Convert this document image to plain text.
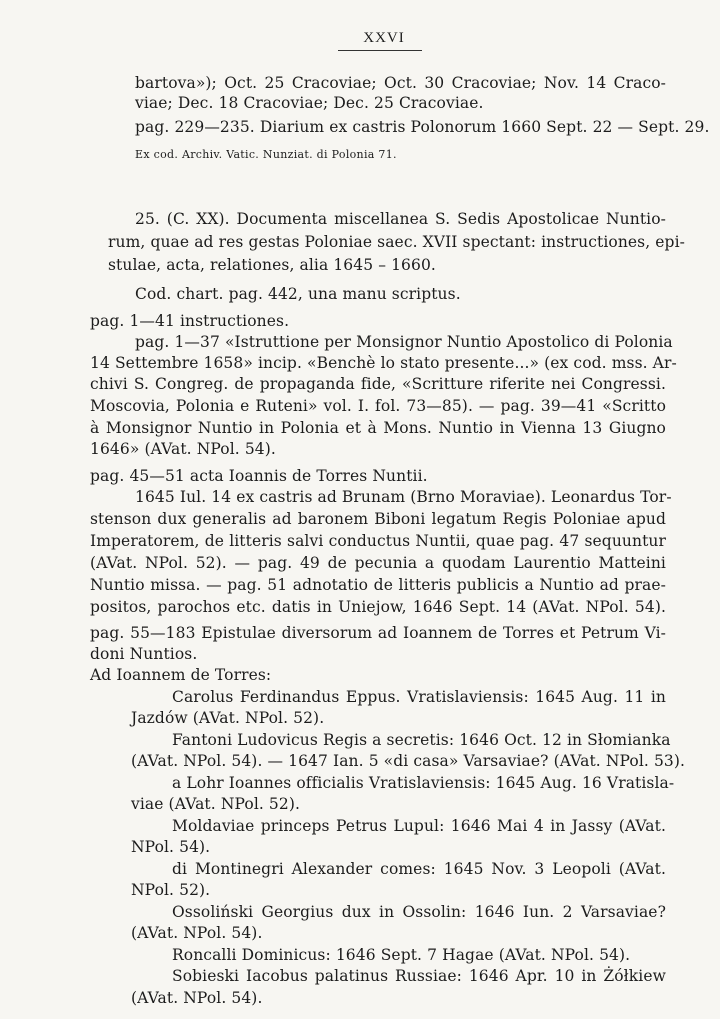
XXVI
bartova»); Oct. 25 Cracoviae; Oct. 30 Cracoviae; Nov. 14 Craco-
viae; Dec. 18 Cracoviae; Dec. 25 Cracoviae.
pag. 229—235. Diarium ex castris Polonorum 1660 Sept. 22 — Sept. 29.
Ex cod. Archiv. Vatic. Nunziat. di Polonia 71.
25. (C. XX). Documenta miscellanea S. Sedis Apostolicae Nuntio-
rum, quae ad res gestas Poloniae saec. XVII spectant: instructiones, epi-
stulae, acta, relationes, alia 1645 – 1660.
Cod. chart. pag. 442, una manu scriptus.
pag. 1—41 instructiones.
pag. 1—37 «Istruttione per Monsignor Nuntio Apostolico di Polonia
14 Settembre 1658» incip. «Benchè lo stato presente...» (ex cod. mss. Ar-
chivi S. Congreg. de propaganda fide, «Scritture riferite nei Congressi.
Moscovia, Polonia e Ruteni» vol. I. fol. 73—85). — pag. 39—41 «Scritto
à Monsignor Nuntio in Polonia et à Mons. Nuntio in Vienna 13 Giugno
1646» (AVat. NPol. 54).
pag. 45—51 acta Ioannis de Torres Nuntii.
1645 Iul. 14 ex castris ad Brunam (Brno Moraviae). Leonardus Tor-
stenson dux generalis ad baronem Biboni legatum Regis Poloniae apud
Imperatorem, de litteris salvi conductus Nuntii, quae pag. 47 sequuntur
(AVat. NPol. 52). — pag. 49 de pecunia a quodam Laurentio Matteini
Nuntio missa. — pag. 51 adnotatio de litteris publicis a Nuntio ad prae-
positos, parochos etc. datis in Uniejow, 1646 Sept. 14 (AVat. NPol. 54).
pag. 55—183 Epistulae diversorum ad Ioannem de Torres et Petrum Vi-
doni Nuntios.
Ad Ioannem de Torres:
Carolus Ferdinandus Eppus. Vratislaviensis: 1645 Aug. 11 in
Jazdów (AVat. NPol. 52).
Fantoni Ludovicus Regis a secretis: 1646 Oct. 12 in Słomianka
(AVat. NPol. 54). — 1647 Ian. 5 «di casa» Varsaviae? (AVat. NPol. 53).
a Lohr Ioannes officialis Vratislaviensis: 1645 Aug. 16 Vratisla-
viae (AVat. NPol. 52).
Moldaviae princeps Petrus Lupul: 1646 Mai 4 in Jassy (AVat.
NPol. 54).
di Montinegri Alexander comes: 1645 Nov. 3 Leopoli (AVat.
NPol. 52).
Ossoliński Georgius dux in Ossolin: 1646 Iun. 2 Varsaviae?
(AVat. NPol. 54).
Roncalli Dominicus: 1646 Sept. 7 Hagae (AVat. NPol. 54).
Sobieski Iacobus palatinus Russiae: 1646 Apr. 10 in Żółkiew
(AVat. NPol. 54).
